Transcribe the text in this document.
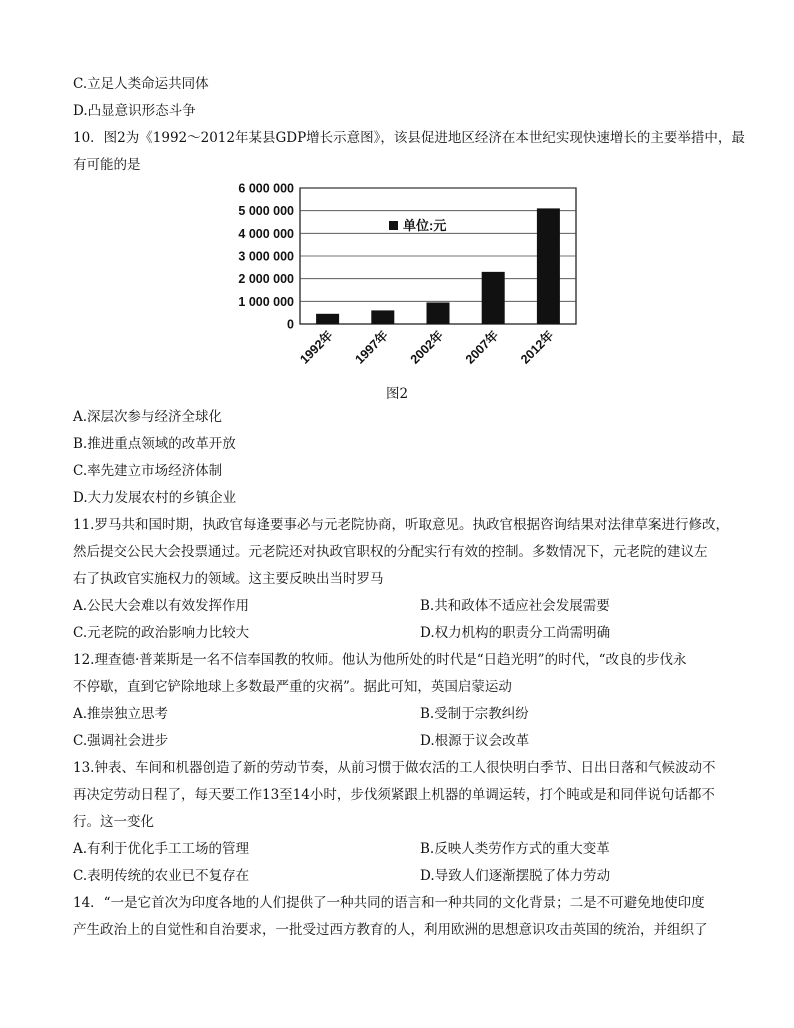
C.立足人类命运共同体
D.凸显意识形态斗争
10．图2为《1992～2012年某县GDP增长示意图》，该县促进地区经济在本世纪实现快速增长的主要举措中，最
有可能的是
0
1 000 000
2 000 000
3 000 000
4 000 000
5 000 000
6 000 000
1992年 1997年 2002年 2007年 2012年
单位:元
图2
A.深层次参与经济全球化
B.推进重点领域的改革开放
C.率先建立市场经济体制
D.大力发展农村的乡镇企业
11.罗马共和国时期，执政官每逢要事必与元老院协商，听取意见。执政官根据咨询结果对法律草案进行修改，
然后提交公民大会投票通过。元老院还对执政官职权的分配实行有效的控制。多数情况下，元老院的建议左
右了执政官实施权力的领域。这主要反映出当时罗马
A.公民大会难以有效发挥作用	B.共和政体不适应社会发展需要
C.元老院的政治影响力比较大	D.权力机构的职责分工尚需明确
12.理查德·普莱斯是一名不信奉国教的牧师。他认为他所处的时代是“日趋光明”的时代，“改良的步伐永
不停歇，直到它铲除地球上多数最严重的灾祸”。据此可知，英国启蒙运动
A.推崇独立思考	B.受制于宗教纠纷
C.强调社会进步	D.根源于议会改革
13.钟表、车间和机器创造了新的劳动节奏，从前习惯于做农活的工人很快明白季节、日出日落和气候波动不
再决定劳动日程了，每天要工作13至14小时，步伐须紧跟上机器的单调运转，打个盹或是和同伴说句话都不
行。这一变化
A.有利于优化手工工场的管理	B.反映人类劳作方式的重大变革
C.表明传统的农业已不复存在	D.导致人们逐渐摆脱了体力劳动
14．“一是它首次为印度各地的人们提供了一种共同的语言和一种共同的文化背景；二是不可避免地使印度
产生政治上的自觉性和自治要求，一批受过西方教育的人，利用欧洲的思想意识攻击英国的统治，并组织了
